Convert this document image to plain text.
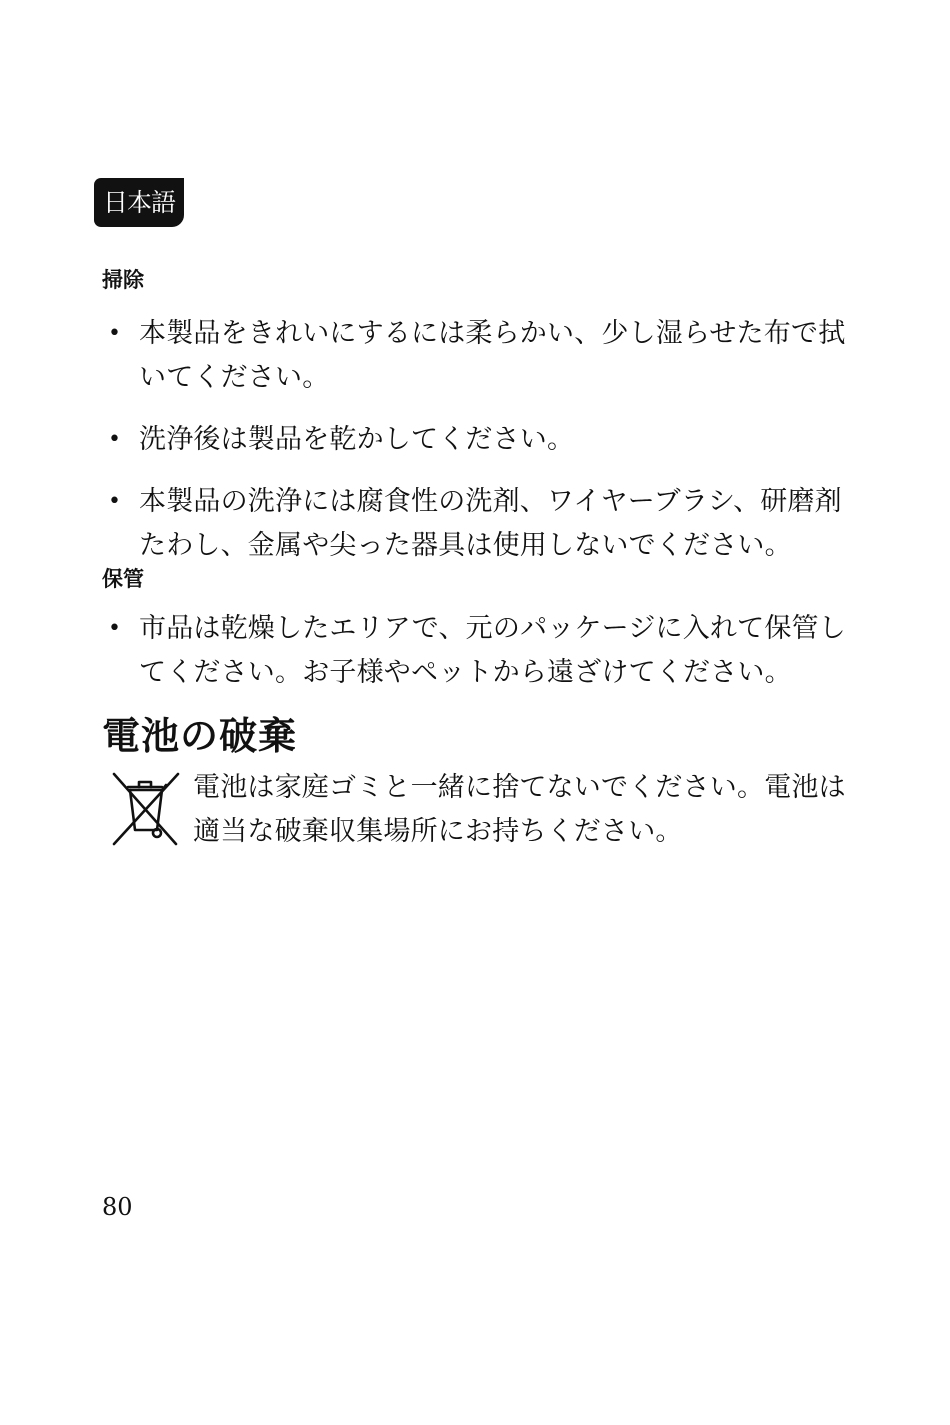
日本語
掃除
• 本製品をきれいにするには柔らかい、少し湿らせた布で拭いてください。
• 洗浄後は製品を乾かしてください。
• 本製品の洗浄には腐食性の洗剤、ワイヤーブラシ、研磨剤たわし、金属や尖った器具は使用しないでください。
保管
• 市品は乾燥したエリアで、元のパッケージに入れて保管してください。お子様やペットから遠ざけてください。
電池の破棄

電池は家庭ゴミと一緒に捨てないでください。電池は適当な破棄収集場所にお持ちください。

80
